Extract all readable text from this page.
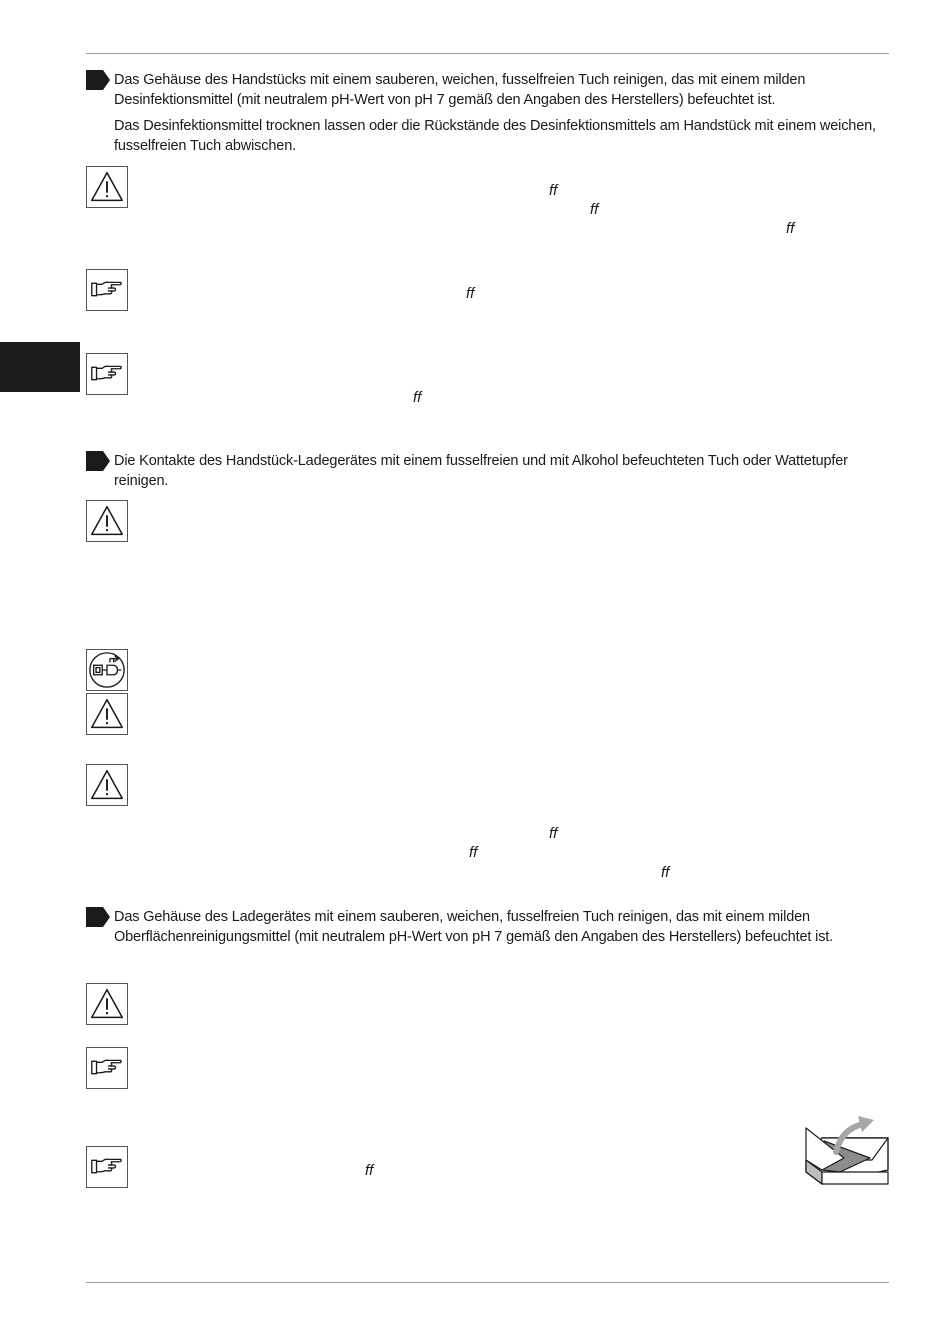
Das Gehäuse des Handstücks mit einem sauberen, weichen, fusselfreien Tuch reinigen, das mit einem milden Desinfektionsmittel (mit neutralem pH-Wert von pH 7 gemäß den Angaben des Herstellers) befeuchtet ist.

Das Desinfektionsmittel trocknen lassen oder die Rückstände des Desinfektionsmittels am Handstück mit einem weichen, fusselfreien Tuch abwischen.

ff
ff
ff
ff
ff

Die Kontakte des Handstück-Ladegerätes mit einem fusselfreien und mit Alkohol befeuchteten Tuch oder Wattetupfer reinigen.

ff
ff
ff

Das Gehäuse des Ladegerätes mit einem sauberen, weichen, fusselfreien Tuch reinigen, das mit einem milden Oberflächenreinigungsmittel (mit neutralem pH-Wert von pH 7 gemäß den Angaben des Herstellers) befeuchtet ist.

ff
